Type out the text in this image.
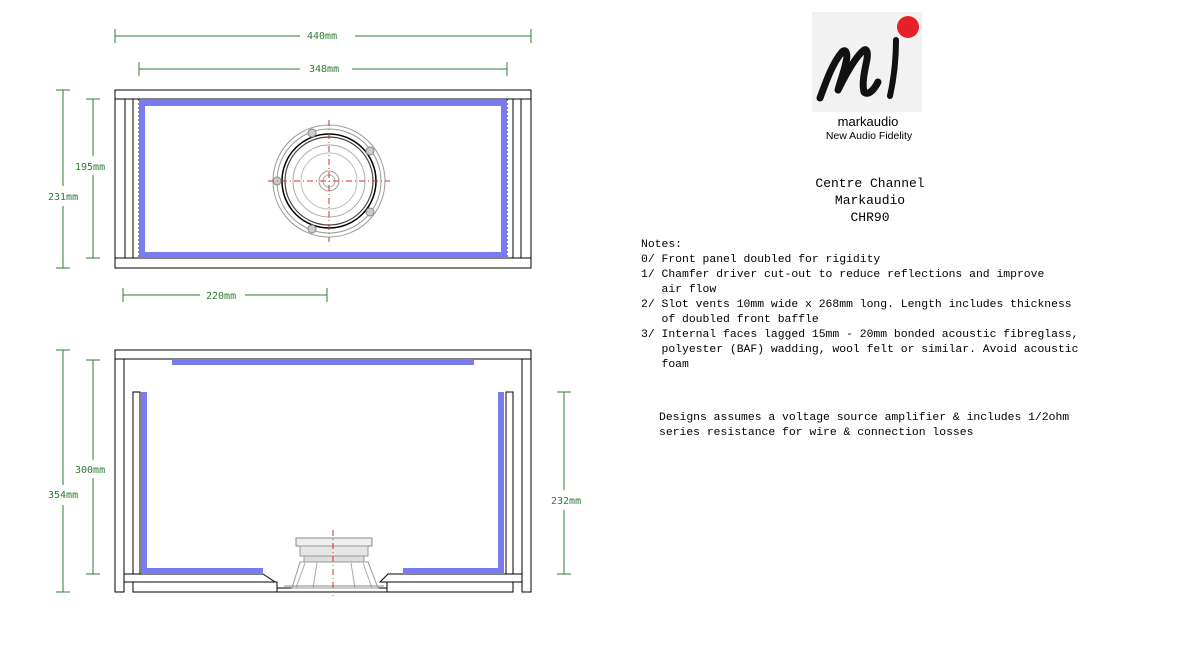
440mm
348mm
231mm
195mm
220mm
354mm
300mm
232mm
markaudio
New Audio Fidelity
Centre Channel
Markaudio
CHR90
Notes:
0/ Front panel doubled for rigidity
1/ Chamfer driver cut-out to reduce reflections and improve
air flow
2/ Slot vents 10mm wide x 268mm long. Length includes thickness
of doubled front baffle
3/ Internal faces lagged 15mm - 20mm bonded acoustic fibreglass,
polyester (BAF) wadding, wool felt or similar. Avoid acoustic
foam
Designs assumes a voltage source amplifier & includes 1/2ohm
series resistance for wire & connection losses
